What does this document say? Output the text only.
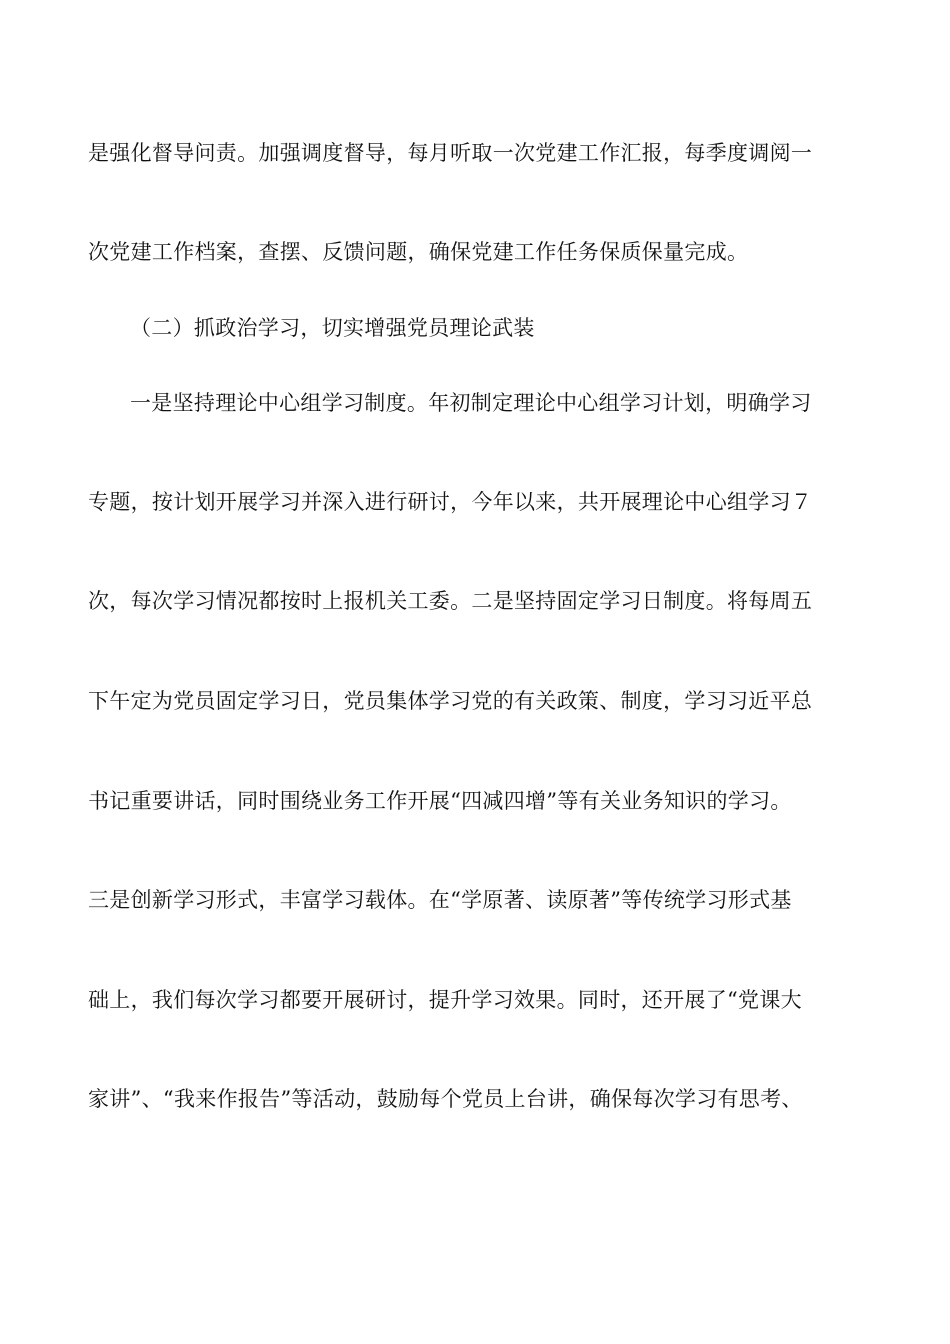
是强化督导问责。加强调度督导，每月听取一次党建工作汇报，每季度调阅一
次党建工作档案，查摆、反馈问题，确保党建工作任务保质保量完成。
（二）抓政治学习，切实增强党员理论武装
一是坚持理论中心组学习制度。年初制定理论中心组学习计划，明确学习
专题，按计划开展学习并深入进行研讨，今年以来，共开展理论中心组学习７
次，每次学习情况都按时上报机关工委。二是坚持固定学习日制度。将每周五
下午定为党员固定学习日，党员集体学习党的有关政策、制度，学习习近平总
书记重要讲话，同时围绕业务工作开展“四减四增”等有关业务知识的学习。
三是创新学习形式，丰富学习载体。在“学原著、读原著”等传统学习形式基
础上，我们每次学习都要开展研讨，提升学习效果。同时，还开展了“党课大
家讲”、“我来作报告”等活动，鼓励每个党员上台讲，确保每次学习有思考、
